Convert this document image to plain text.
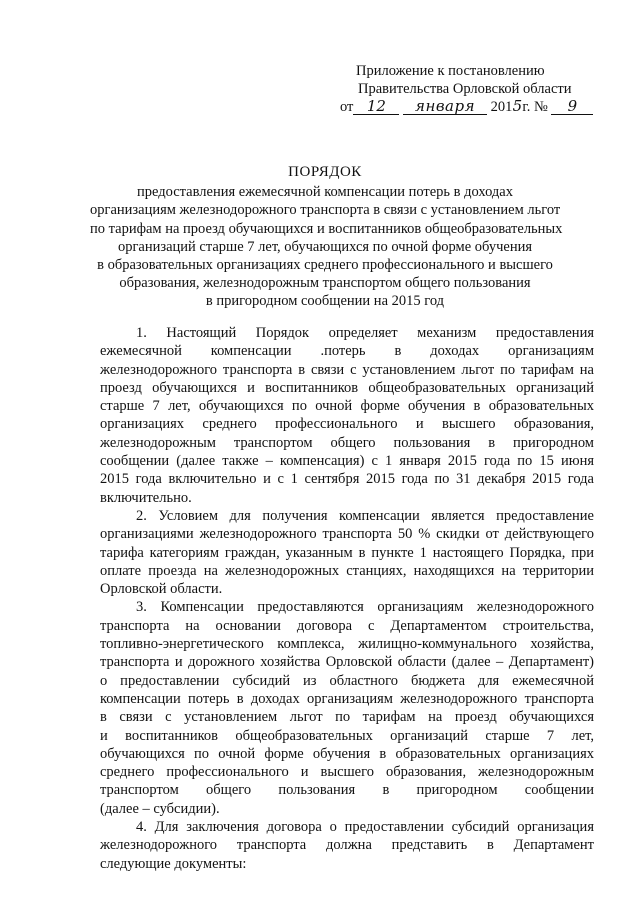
Приложение к постановлению
Правительства Орловской области
от 12 января 2015г. № 9
ПОРЯДОК
предоставления ежемесячной компенсации потерь в доходах
организациям железнодорожного транспорта в связи с установлением льгот
по тарифам на проезд обучающихся и воспитанников общеобразовательных
организаций старше 7 лет, обучающихся по очной форме обучения
в образовательных организациях среднего профессионального и высшего
образования, железнодорожным транспортом общего пользования
в пригородном сообщении на 2015 год
1. Настоящий Порядок определяет механизм предоставления
ежемесячной компенсации .потерь в доходах организациям
железнодорожного транспорта в связи с установлением льгот по тарифам на
проезд обучающихся и воспитанников общеобразовательных организаций
старше 7 лет, обучающихся по очной форме обучения в образовательных
организациях среднего профессионального и высшего образования,
железнодорожным транспортом общего пользования в пригородном
сообщении (далее также – компенсация) с 1 января 2015 года по 15 июня
2015 года включительно и с 1 сентября 2015 года по 31 декабря 2015 года
включительно.
2. Условием для получения компенсации является предоставление
организациями железнодорожного транспорта 50 % скидки от действующего
тарифа категориям граждан, указанным в пункте 1 настоящего Порядка, при
оплате проезда на железнодорожных станциях, находящихся на территории
Орловской области.
3. Компенсации предоставляются организациям железнодорожного
транспорта на основании договора с Департаментом строительства,
топливно-энергетического комплекса, жилищно-коммунального хозяйства,
транспорта и дорожного хозяйства Орловской области (далее – Департамент)
о предоставлении субсидий из областного бюджета для ежемесячной
компенсации потерь в доходах организациям железнодорожного транспорта
в связи с установлением льгот по тарифам на проезд обучающихся
и воспитанников общеобразовательных организаций старше 7 лет,
обучающихся по очной форме обучения в образовательных организациях
среднего профессионального и высшего образования, железнодорожным
транспортом общего пользования в пригородном сообщении
(далее – субсидии).
4. Для заключения договора о предоставлении субсидий организация
железнодорожного транспорта должна представить в Департамент
следующие документы:
